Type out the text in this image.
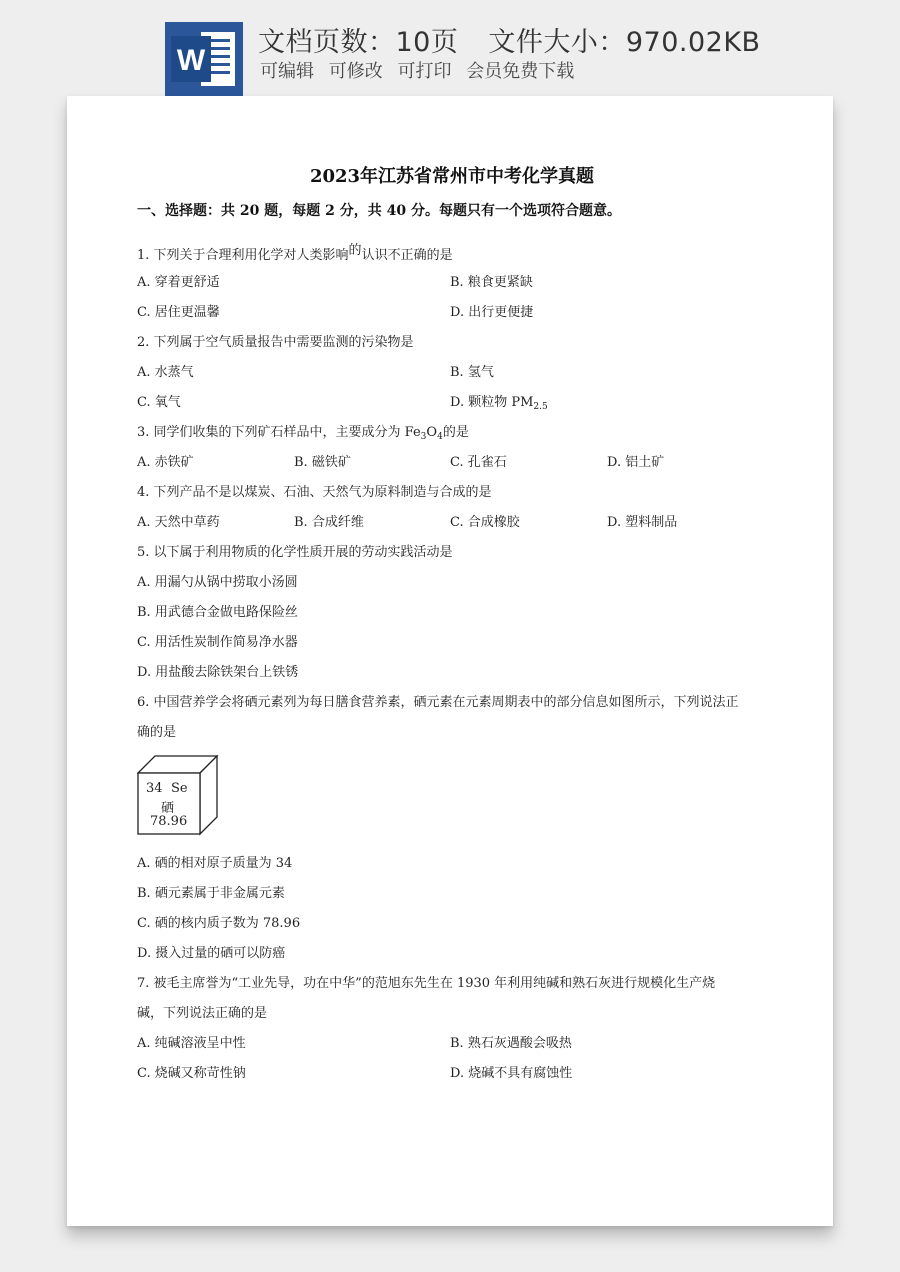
W
文档页数：10页 文件大小：970.02KB
可编辑 可修改 可打印 会员免费下载
2023年江苏省常州市中考化学真题
一、选择题：共 20 题，每题 2 分，共 40 分。每题只有一个选项符合题意。
1. 下列关于合理利用化学对人类影响的认识不正确的是
A. 穿着更舒适	B. 粮食更紧缺
C. 居住更温馨	D. 出行更便捷
2. 下列属于空气质量报告中需要监测的污染物是
A. 水蒸气	B. 氢气
C. 氧气	D. 颗粒物 $PM_{2.5}$
3. 同学们收集的下列矿石样品中，主要成分为 $Fe_3O_4$的是
A. 赤铁矿	B. 磁铁矿	C. 孔雀石	D. 铝土矿
4. 下列产品不是以煤炭、石油、天然气为原料制造与合成的是
A. 天然中草药	B. 合成纤维	C. 合成橡胶	D. 塑料制品
5. 以下属于利用物质的化学性质开展的劳动实践活动是
A. 用漏勺从锅中捞取小汤圆
B. 用武德合金做电路保险丝
C. 用活性炭制作简易净水器
D. 用盐酸去除铁架台上铁锈
6. 中国营养学会将硒元素列为每日膳食营养素，硒元素在元素周期表中的部分信息如图所示，下列说法正
确的是
34 Se
硒
78.96
A. 硒的相对原子质量为 34
B. 硒元素属于非金属元素
C. 硒的核内质子数为 78.96
D. 摄入过量的硒可以防癌
7. 被毛主席誉为“工业先导，功在中华”的范旭东先生在 1930 年利用纯碱和熟石灰进行规模化生产烧
碱，下列说法正确的是
A. 纯碱溶液呈中性	B. 熟石灰遇酸会吸热
C. 烧碱又称苛性钠	D. 烧碱不具有腐蚀性
